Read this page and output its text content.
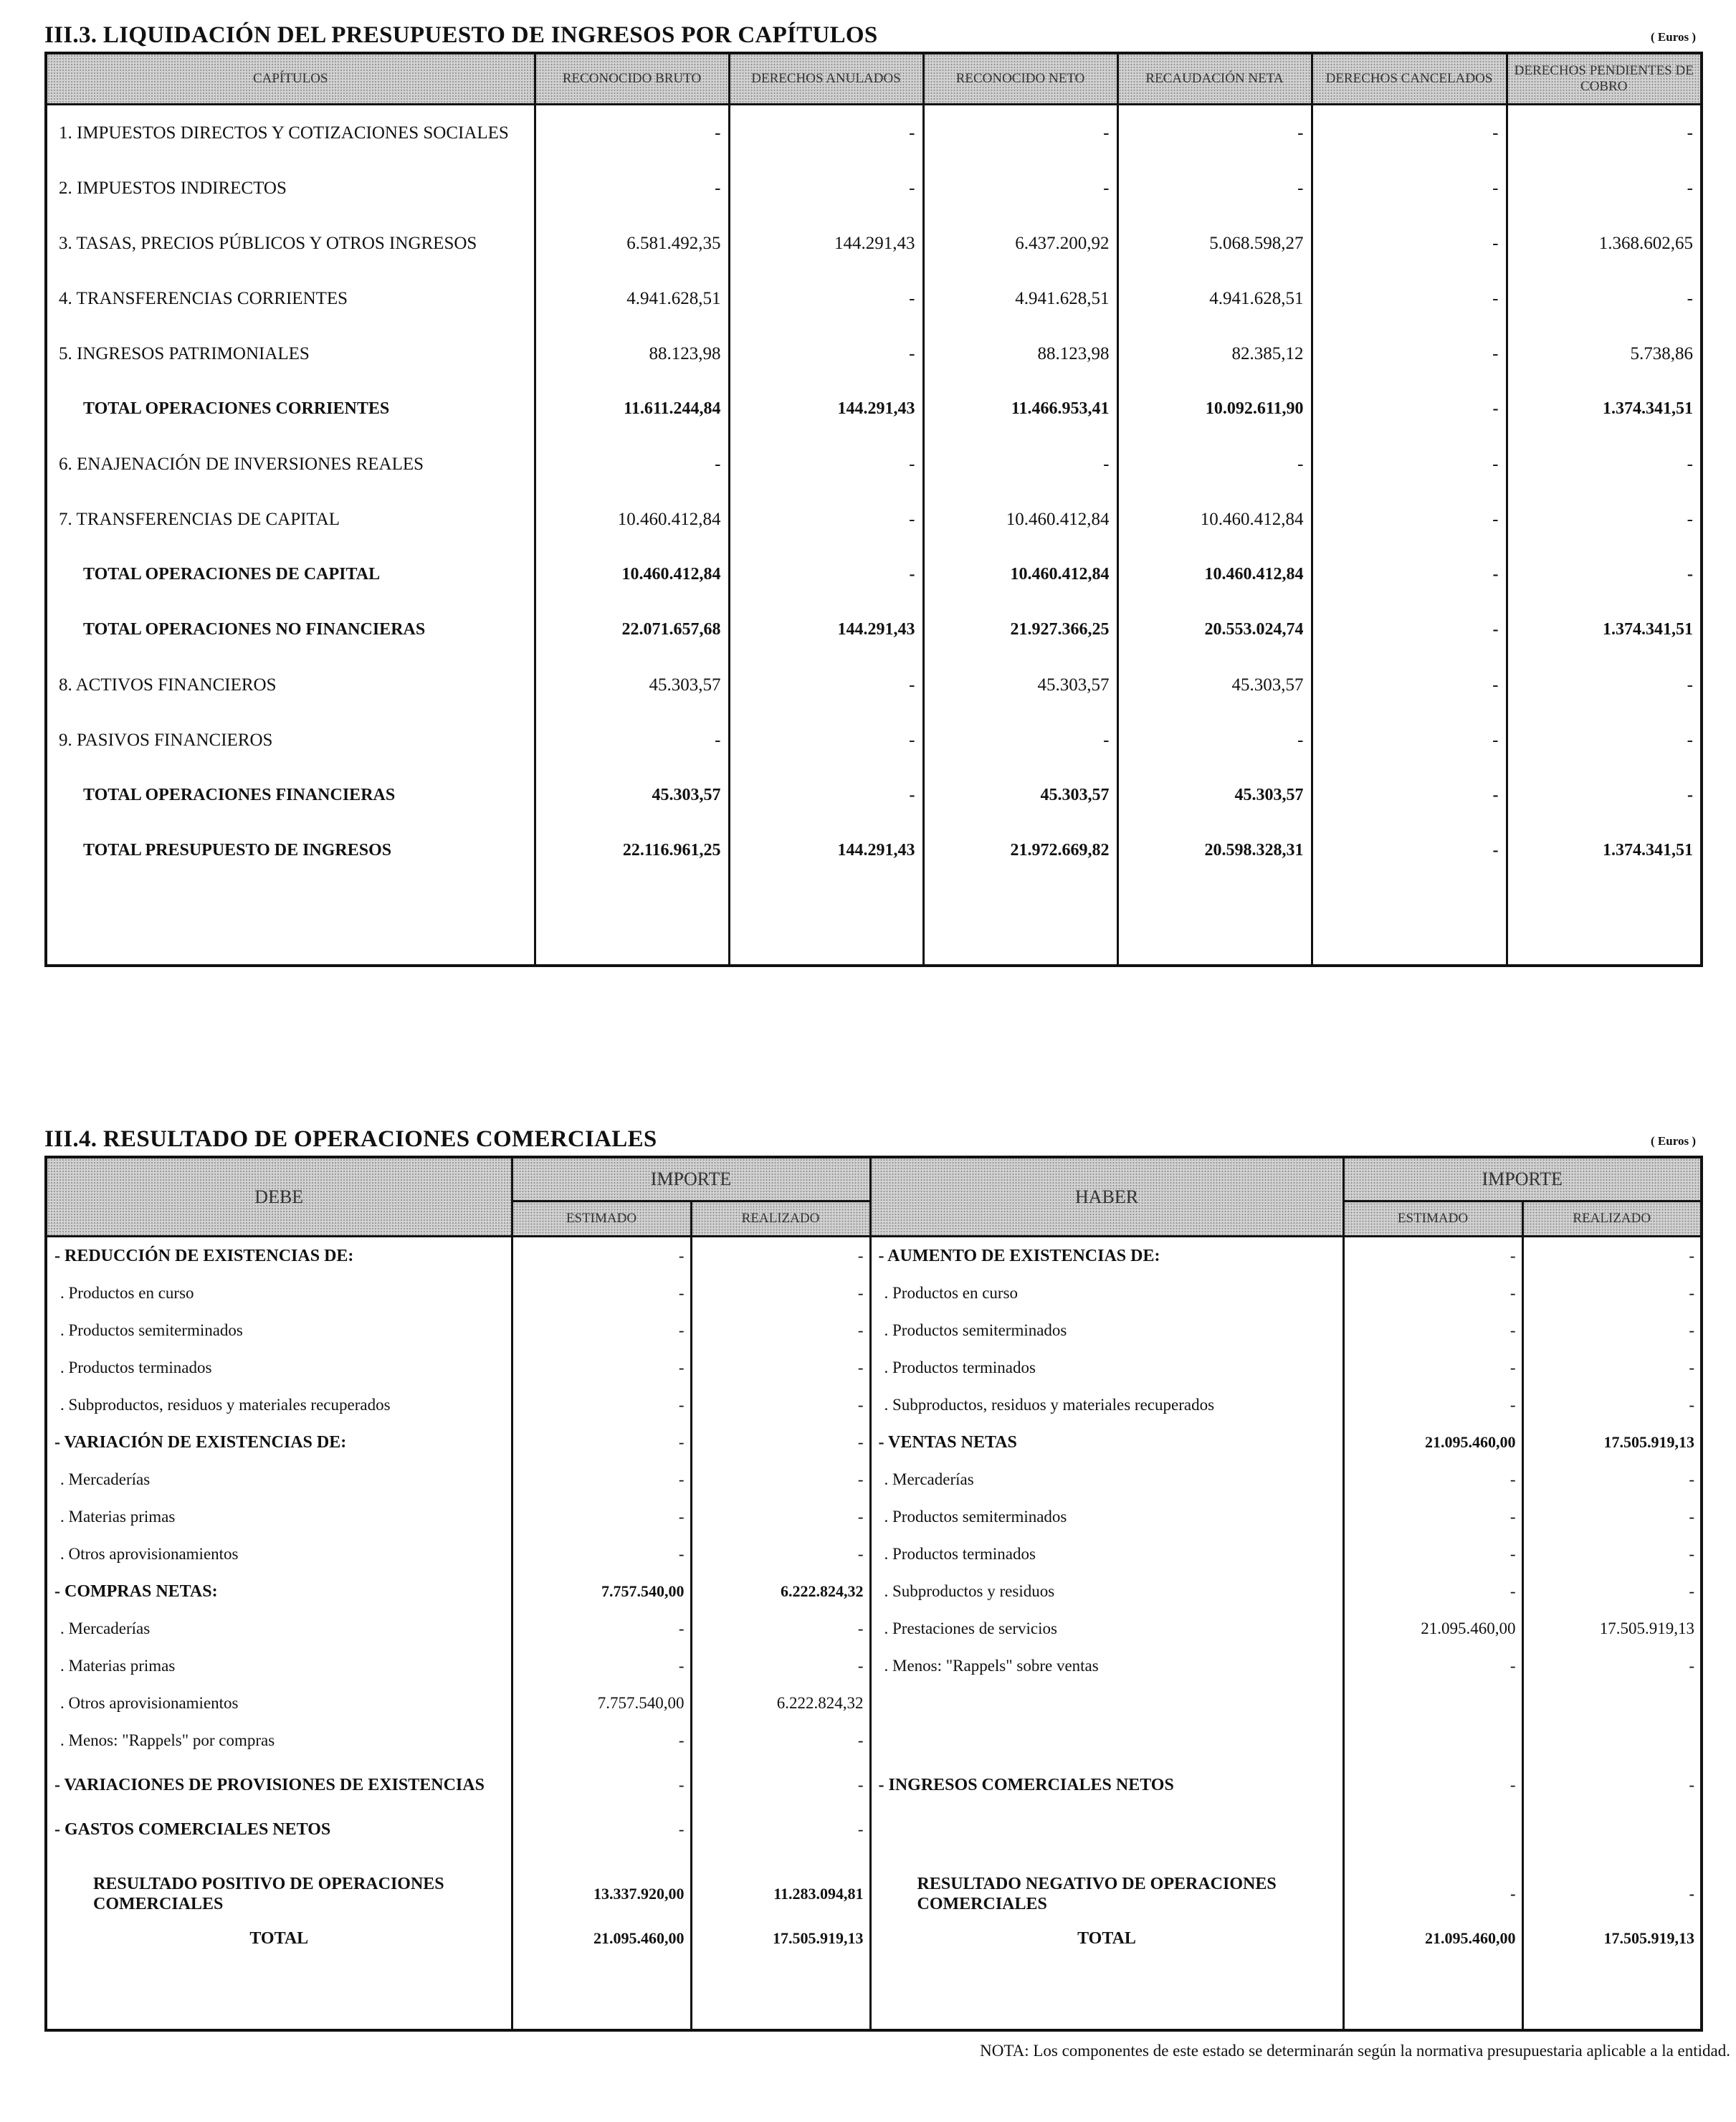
III.3. LIQUIDACIÓN DEL PRESUPUESTO DE INGRESOS POR CAPÍTULOS	( Euros )
CAPÍTULOS	RECONOCIDO BRUTO	DERECHOS ANULADOS	RECONOCIDO NETO	RECAUDACIÓN NETA	DERECHOS CANCELADOS	DERECHOS PENDIENTES DE COBRO
1. IMPUESTOS DIRECTOS Y COTIZACIONES SOCIALES	-	-	-	-	-	-
2. IMPUESTOS INDIRECTOS	-	-	-	-	-	-
3. TASAS, PRECIOS PÚBLICOS Y OTROS INGRESOS	6.581.492,35	144.291,43	6.437.200,92	5.068.598,27	-	1.368.602,65
4. TRANSFERENCIAS CORRIENTES	4.941.628,51	-	4.941.628,51	4.941.628,51	-	-
5. INGRESOS PATRIMONIALES	88.123,98	-	88.123,98	82.385,12	-	5.738,86
TOTAL OPERACIONES CORRIENTES	11.611.244,84	144.291,43	11.466.953,41	10.092.611,90	-	1.374.341,51
6. ENAJENACIÓN DE INVERSIONES REALES	-	-	-	-	-	-
7. TRANSFERENCIAS DE CAPITAL	10.460.412,84	-	10.460.412,84	10.460.412,84	-	-
TOTAL OPERACIONES DE CAPITAL	10.460.412,84	-	10.460.412,84	10.460.412,84	-	-
TOTAL OPERACIONES NO FINANCIERAS	22.071.657,68	144.291,43	21.927.366,25	20.553.024,74	-	1.374.341,51
8. ACTIVOS FINANCIEROS	45.303,57	-	45.303,57	45.303,57	-	-
9. PASIVOS FINANCIEROS	-	-	-	-	-	-
TOTAL OPERACIONES FINANCIERAS	45.303,57	-	45.303,57	45.303,57	-	-
TOTAL PRESUPUESTO DE INGRESOS	22.116.961,25	144.291,43	21.972.669,82	20.598.328,31	-	1.374.341,51

III.4. RESULTADO DE OPERACIONES COMERCIALES	( Euros )
DEBE	IMPORTE		HABER	IMPORTE	
	ESTIMADO	REALIZADO		ESTIMADO	REALIZADO
- REDUCCIÓN DE EXISTENCIAS DE:	-	-	- AUMENTO DE EXISTENCIAS DE:	-	-
. Productos en curso	-	-	. Productos en curso	-	-
. Productos semiterminados	-	-	. Productos semiterminados	-	-
. Productos terminados	-	-	. Productos terminados	-	-
. Subproductos, residuos y materiales recuperados	-	-	. Subproductos, residuos y materiales recuperados	-	-
- VARIACIÓN DE EXISTENCIAS DE:	-	-	- VENTAS NETAS	21.095.460,00	17.505.919,13
. Mercaderías	-	-	. Mercaderías	-	-
. Materias primas	-	-	. Productos semiterminados	-	-
. Otros aprovisionamientos	-	-	. Productos terminados	-	-
- COMPRAS NETAS:	7.757.540,00	6.222.824,32	. Subproductos y residuos	-	-
. Mercaderías	-	-	. Prestaciones de servicios	21.095.460,00	17.505.919,13
. Materias primas	-	-	. Menos: "Rappels" sobre ventas	-	-
. Otros aprovisionamientos	7.757.540,00	6.222.824,32			
. Menos: "Rappels" por compras	-	-			
- VARIACIONES DE PROVISIONES DE EXISTENCIAS	-	-	- INGRESOS COMERCIALES NETOS	-	-
- GASTOS COMERCIALES NETOS	-	-			

RESULTADO POSITIVO DE OPERACIONES COMERCIALES	13.337.920,00	11.283.094,81	RESULTADO NEGATIVO DE OPERACIONES COMERCIALES	-	-
TOTAL	21.095.460,00	17.505.919,13	TOTAL	21.095.460,00	17.505.919,13

NOTA: Los componentes de este estado se determinarán según la normativa presupuestaria aplicable a la entidad.
